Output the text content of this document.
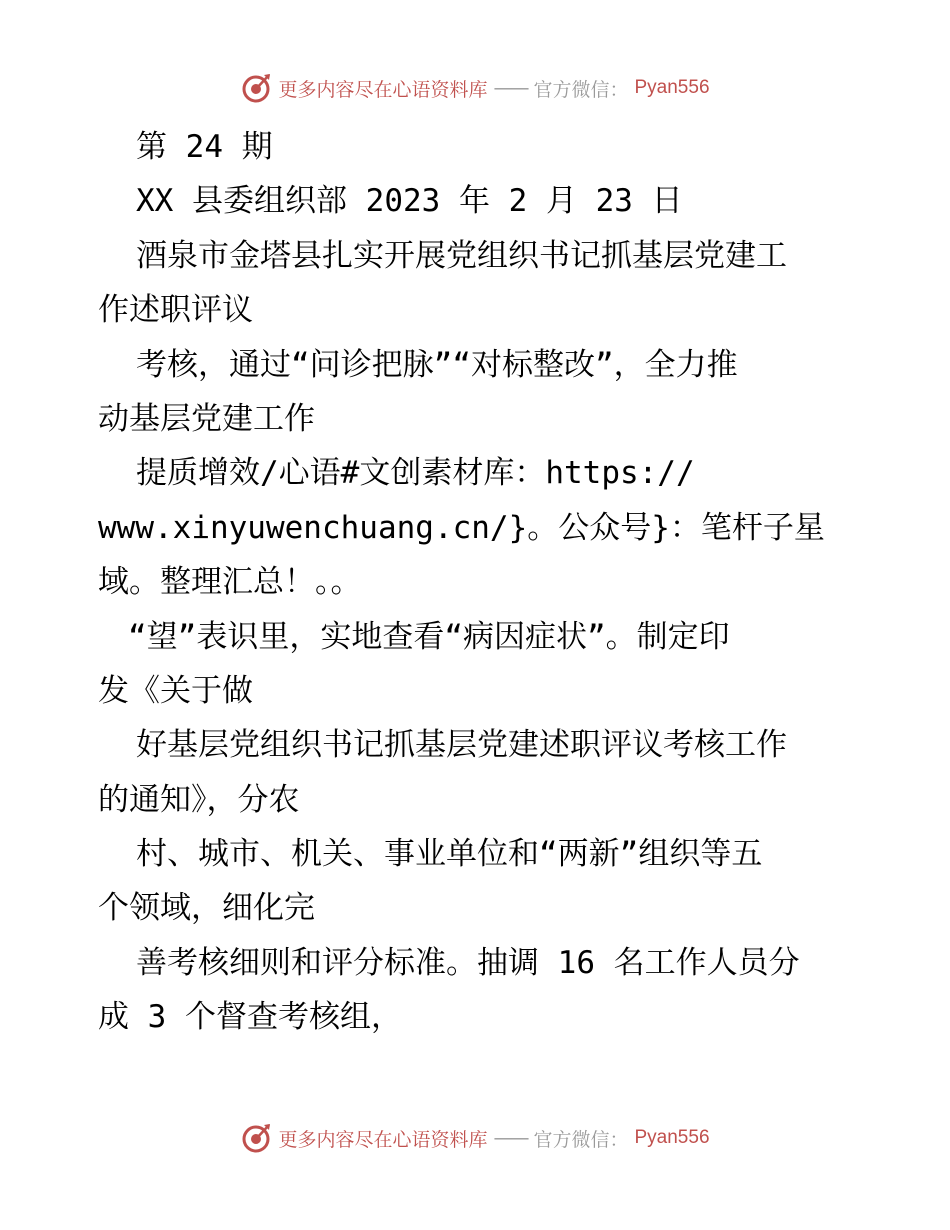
更多内容尽在心语资料库 —— 官方微信： Pyan556
第 24 期
XX 县委组织部 2023 年 2 月 23 日
酒泉市金塔县扎实开展党组织书记抓基层党建工
作述职评议
考核，通过“问诊把脉”“对标整改”，全力推
动基层党建工作
提质增效/心语#文创素材库：https://
www.xinyuwenchuang.cn/}。公众号}：笔杆子星
域。整理汇总！。。
“望”表识里，实地查看“病因症状”。制定印
发《关于做
好基层党组织书记抓基层党建述职评议考核工作
的通知》，分农
村、城市、机关、事业单位和“两新”组织等五
个领域，细化完
善考核细则和评分标准。抽调 16 名工作人员分
成 3 个督查考核组，
更多内容尽在心语资料库 —— 官方微信： Pyan556
